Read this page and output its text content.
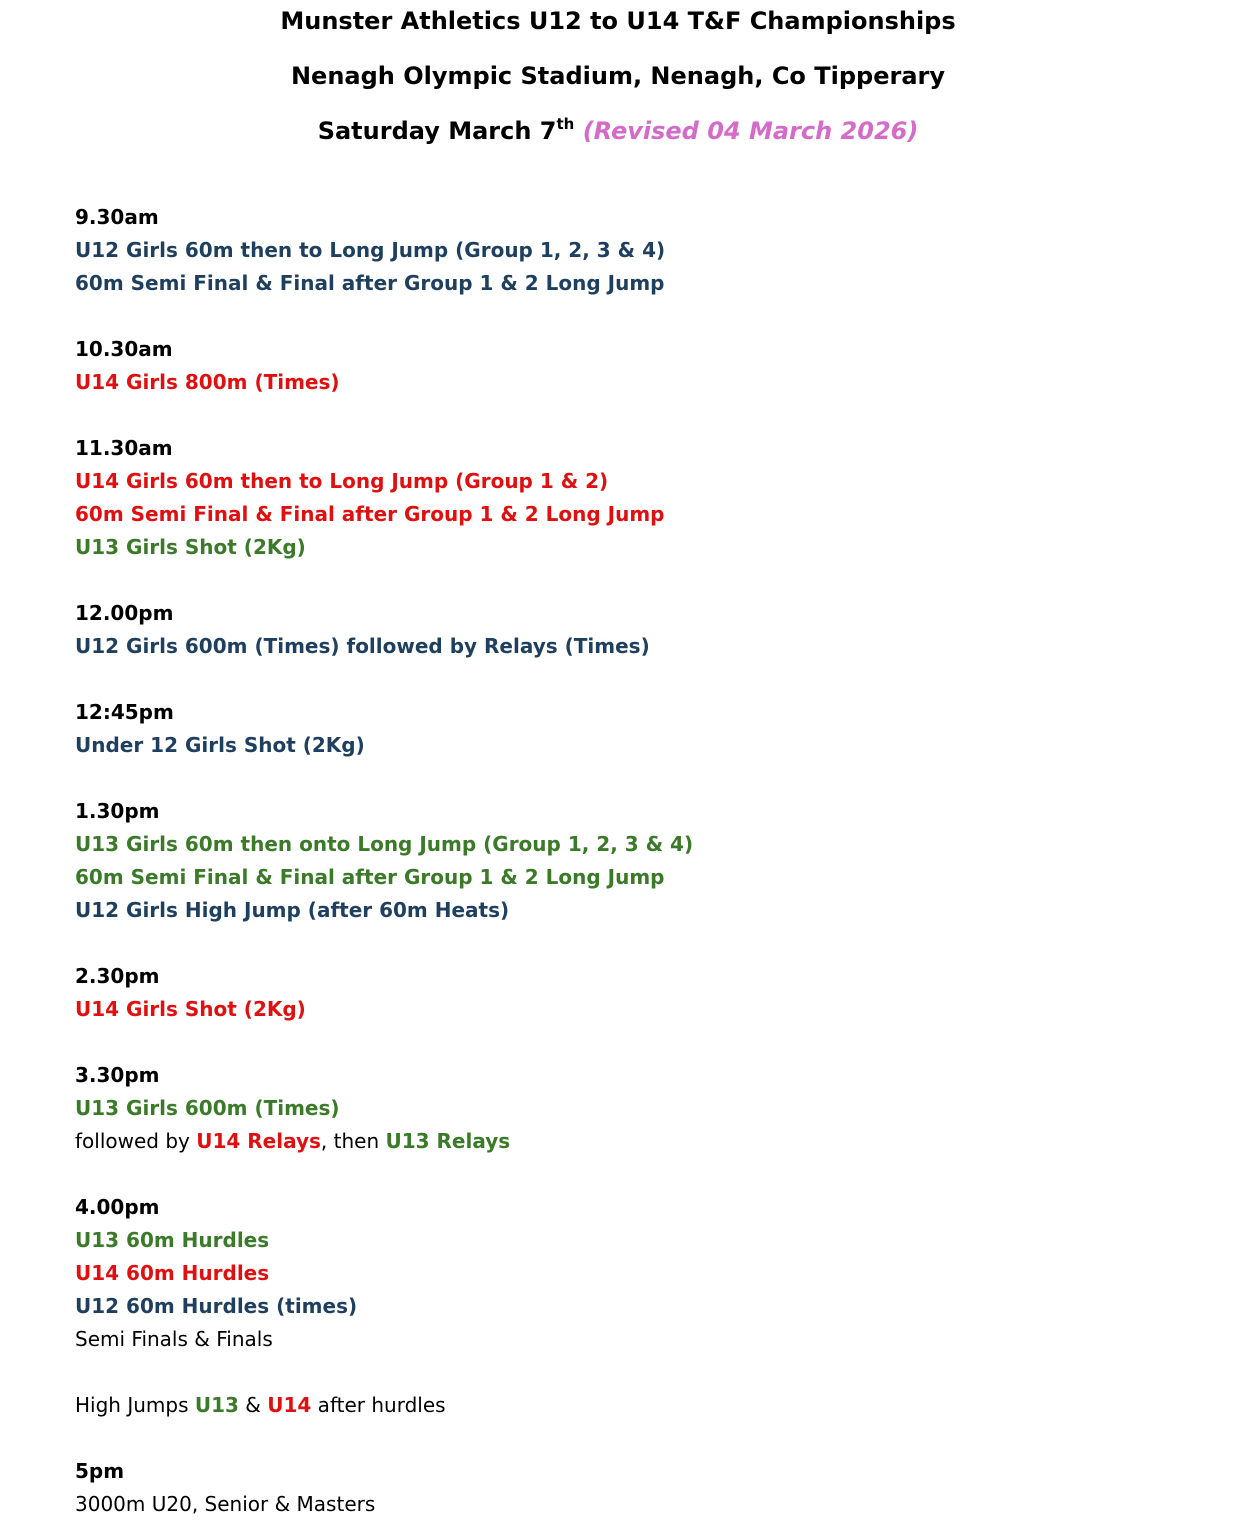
Munster Athletics U12 to U14 T&F Championships

Nenagh Olympic Stadium, Nenagh, Co Tipperary

Saturday March 7th (Revised 04 March 2026)

9.30am
U12 Girls 60m then to Long Jump (Group 1, 2, 3 & 4)
60m Semi Final & Final after Group 1 & 2 Long Jump
10.30am
U14 Girls 800m (Times)
11.30am
U14 Girls 60m then to Long Jump (Group 1 & 2)
60m Semi Final & Final after Group 1 & 2 Long Jump
U13 Girls Shot (2Kg)
12.00pm
U12 Girls 600m (Times) followed by Relays (Times)
12:45pm
Under 12 Girls Shot (2Kg)
1.30pm
U13 Girls 60m then onto Long Jump (Group 1, 2, 3 & 4)
60m Semi Final & Final after Group 1 & 2 Long Jump
U12 Girls High Jump (after 60m Heats)
2.30pm
U14 Girls Shot (2Kg)
3.30pm
U13 Girls 600m (Times)
followed by U14 Relays, then U13 Relays
4.00pm
U13 60m Hurdles
U14 60m Hurdles
U12 60m Hurdles (times)
Semi Finals & Finals
High Jumps U13 & U14 after hurdles
5pm
3000m U20, Senior & Masters
